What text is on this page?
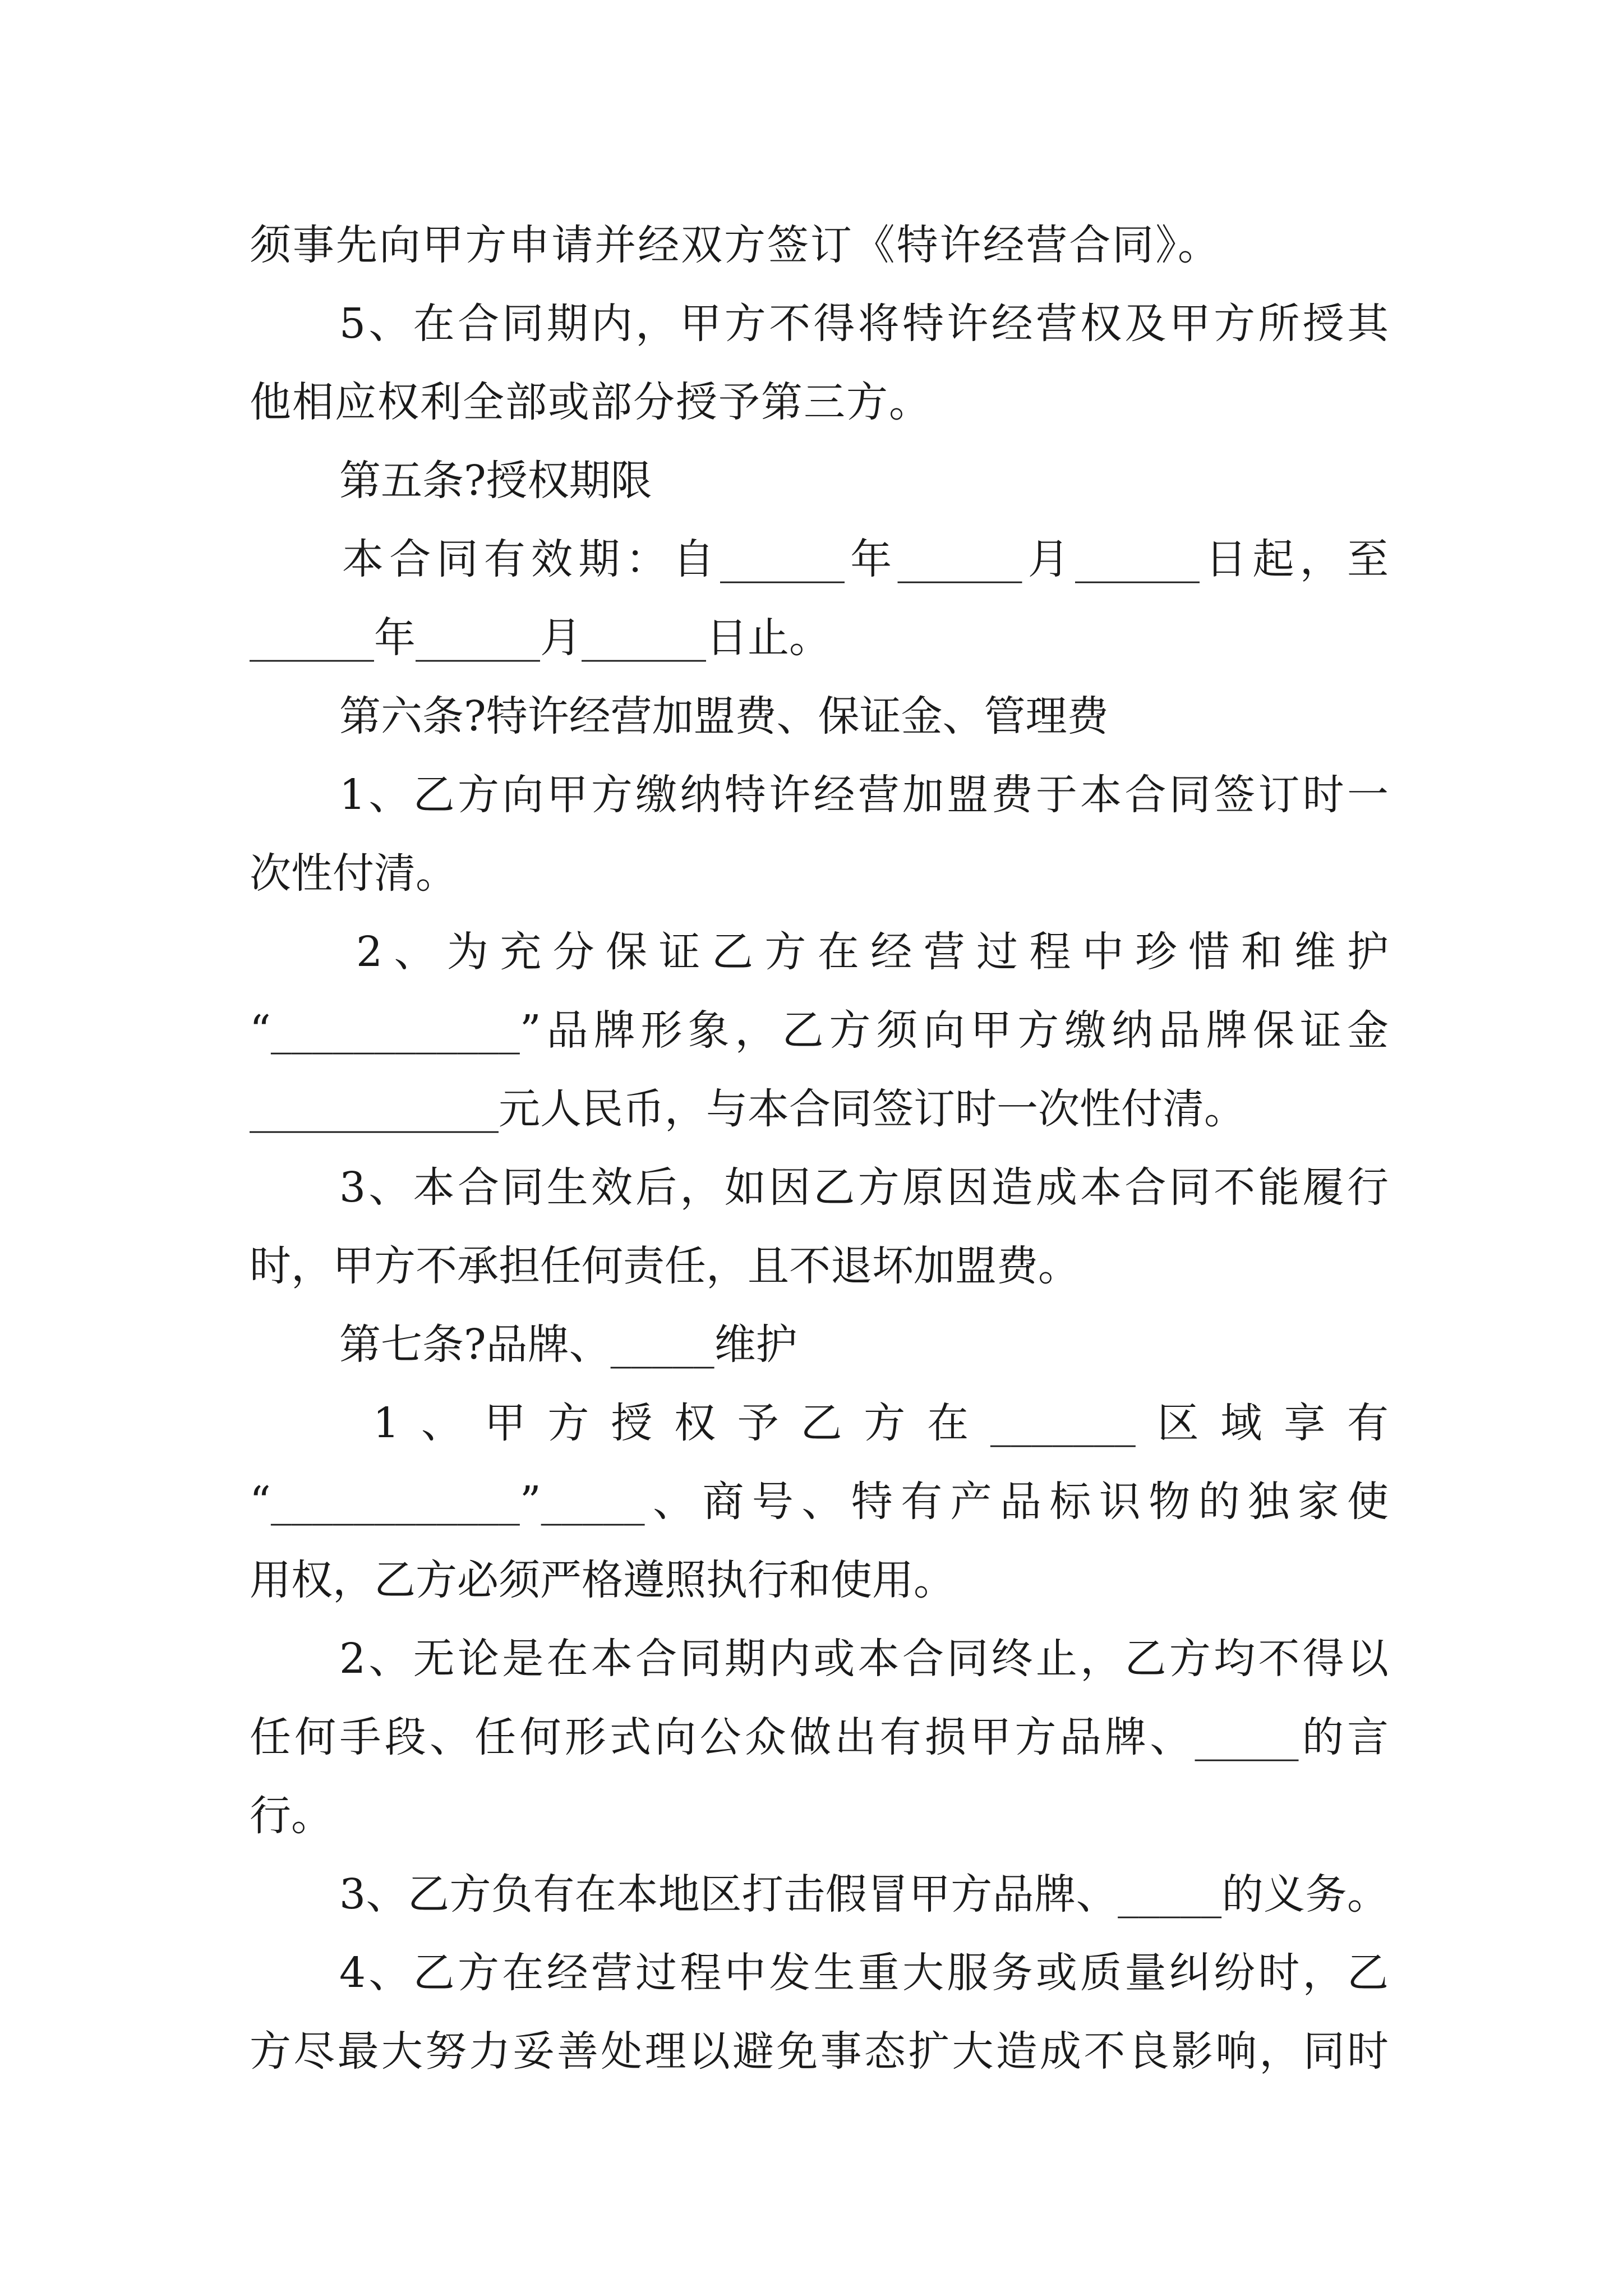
须事先向甲方申请并经双方签订《特许经营合同》。
5、在合同期内，甲方不得将特许经营权及甲方所授其
他相应权利全部或部分授予第三方。
第五条?授权期限
本合同有效期：自______年______月______日起，至
______年______月______日止。
第六条?特许经营加盟费、保证金、管理费
1、乙方向甲方缴纳特许经营加盟费于本合同签订时一
次性付清。
2、为充分保证乙方在经营过程中珍惜和维护
“____________”品牌形象，乙方须向甲方缴纳品牌保证金
____________元人民币，与本合同签订时一次性付清。
3、本合同生效后，如因乙方原因造成本合同不能履行
时，甲方不承担任何责任，且不退坏加盟费。
第七条?品牌、_____维护
1、甲方授权予乙方在_______区域享有
“____________”_____、商号、特有产品标识物的独家使
用权，乙方必须严格遵照执行和使用。
2、无论是在本合同期内或本合同终止，乙方均不得以
任何手段、任何形式向公众做出有损甲方品牌、_____的言
行。
3、乙方负有在本地区打击假冒甲方品牌、_____的义务。
4、乙方在经营过程中发生重大服务或质量纠纷时，乙
方尽最大努力妥善处理以避免事态扩大造成不良影响，同时
